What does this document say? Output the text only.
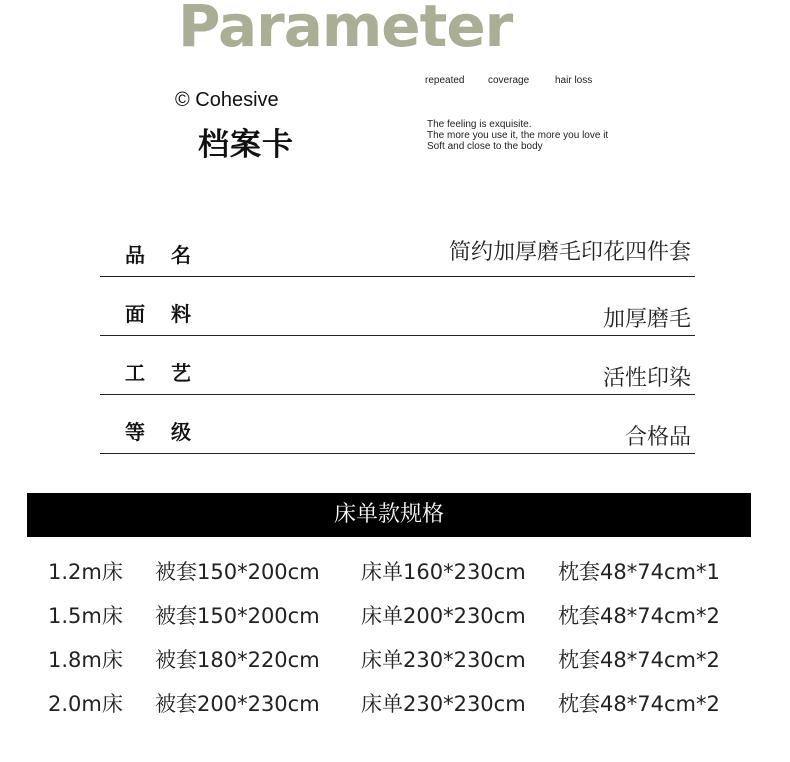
Parameter
© Cohesive
档案卡
repeated coverage	hair loss
The feeling is exquisite.
The more you use it, the more you love it
Soft and close to the body
品名	简约加厚磨毛印花四件套
面料	加厚磨毛
工艺	活性印染
等级	合格品
床单款规格
1.2m床 被套150*200cm 床单160*230cm 枕套48*74cm*1
1.5m床 被套150*200cm 床单200*230cm 枕套48*74cm*2
1.8m床 被套180*220cm 床单230*230cm 枕套48*74cm*2
2.0m床 被套200*230cm 床单230*230cm 枕套48*74cm*2
